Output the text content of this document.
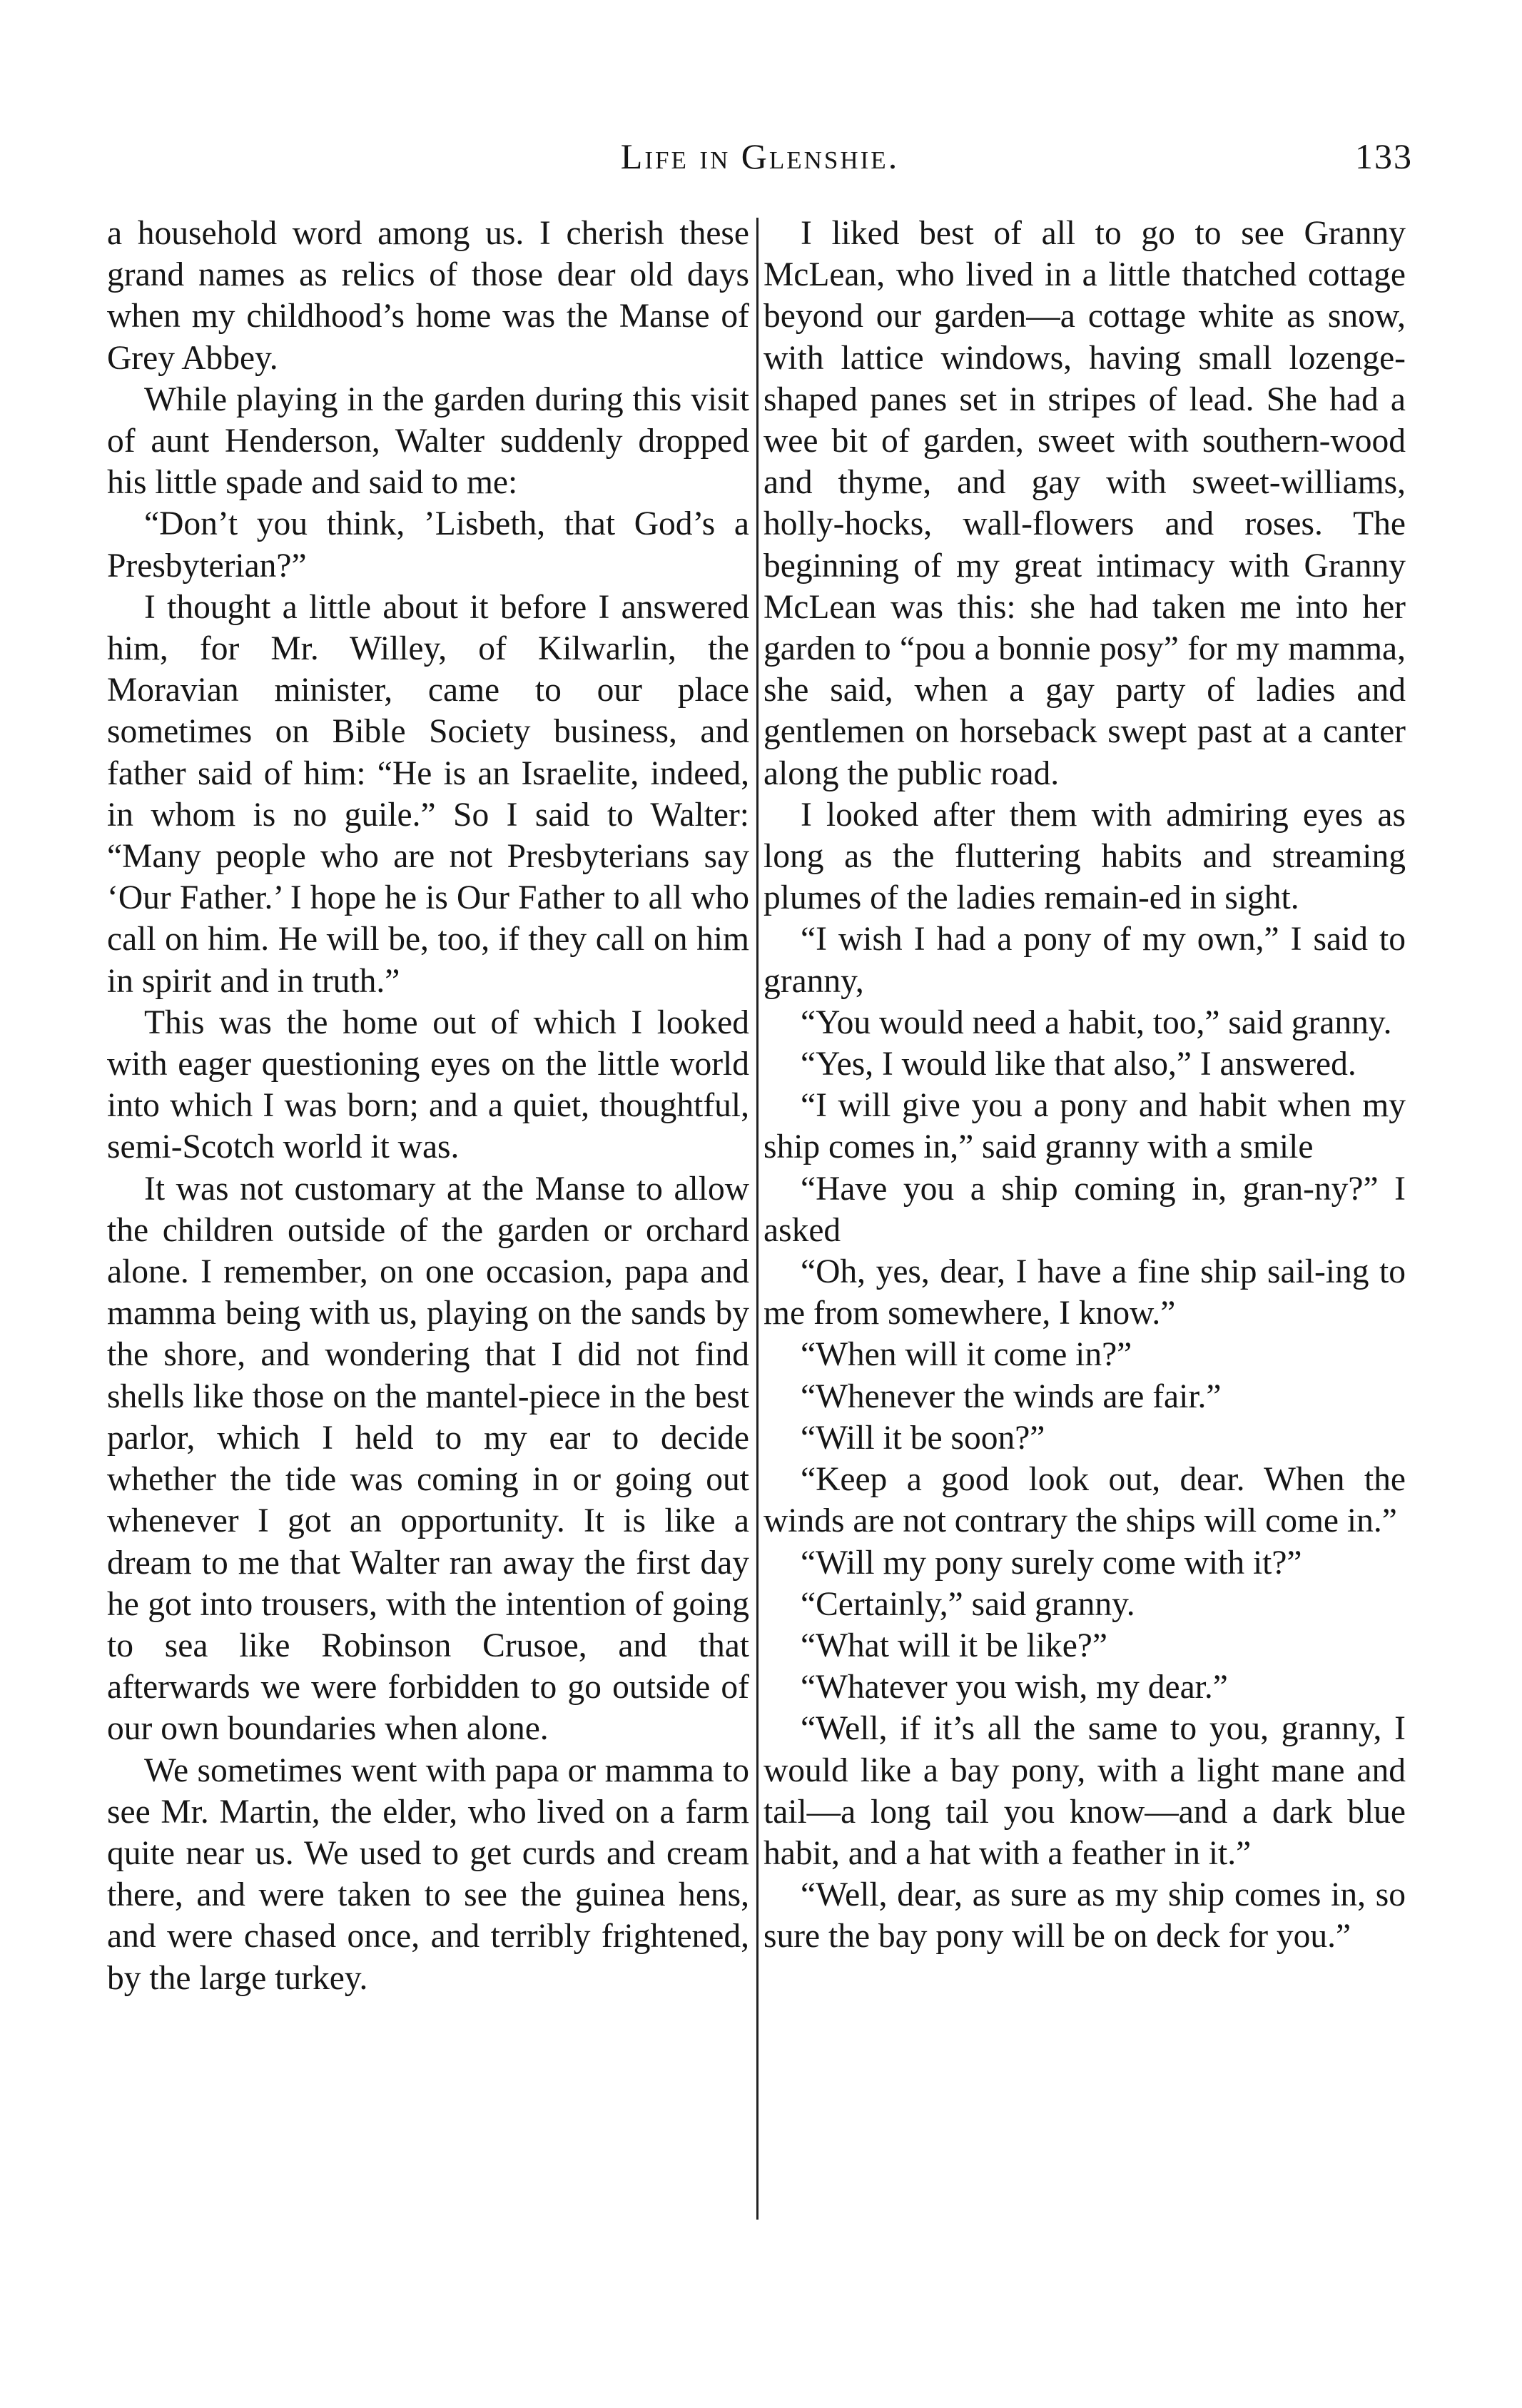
Life in Glenshie.	133

a household word among us. I cherish these grand names as relics of those dear old days when my childhood’s home was the Manse of Grey Abbey.

While playing in the garden during this visit of aunt Henderson, Walter suddenly dropped his little spade and said to me:

“Don’t you think, ’Lisbeth, that God’s a Presbyterian?”

I thought a little about it before I answered him, for Mr. Willey, of Kilwarlin, the Moravian minister, came to our place sometimes on Bible Society business, and father said of him: “He is an Israelite, indeed, in whom is no guile.” So I said to Walter: “Many people who are not Presbyterians say ‘Our Father.’ I hope he is Our Father to all who call on him. He will be, too, if they call on him in spirit and in truth.”

This was the home out of which I looked with eager questioning eyes on the little world into which I was born; and a quiet, thoughtful, semi-Scotch world it was.

It was not customary at the Manse to allow the children outside of the garden or orchard alone. I remember, on one occasion, papa and mamma being with us, playing on the sands by the shore, and wondering that I did not find shells like those on the mantel-piece in the best parlor, which I held to my ear to decide whether the tide was coming in or going out whenever I got an opportunity. It is like a dream to me that Walter ran away the first day he got into trousers, with the intention of going to sea like Robinson Crusoe, and that afterwards we were forbidden to go outside of our own boundaries when alone.

We sometimes went with papa or mamma to see Mr. Martin, the elder, who lived on a farm quite near us. We used to get curds and cream there, and were taken to see the guinea hens, and were chased once, and terribly frightened, by the large turkey.

I liked best of all to go to see Granny McLean, who lived in a little thatched cottage beyond our garden—a cottage white as snow, with lattice windows, having small lozenge-shaped panes set in stripes of lead. She had a wee bit of garden, sweet with southern-wood and thyme, and gay with sweet-williams, holly-hocks, wall-flowers and roses. The beginning of my great intimacy with Granny McLean was this: she had taken me into her garden to “pou a bonnie posy” for my mamma, she said, when a gay party of ladies and gentlemen on horseback swept past at a canter along the public road.

I looked after them with admiring eyes as long as the fluttering habits and streaming plumes of the ladies remain-ed in sight.

“I wish I had a pony of my own,” I said to granny,

“You would need a habit, too,” said granny.

“Yes, I would like that also,” I answered.

“I will give you a pony and habit when my ship comes in,” said granny with a smile

“Have you a ship coming in, gran-ny?” I asked

“Oh, yes, dear, I have a fine ship sail-ing to me from somewhere, I know.”

“When will it come in?”

“Whenever the winds are fair.”

“Will it be soon?”

“Keep a good look out, dear. When the winds are not contrary the ships will come in.”

“Will my pony surely come with it?”

“Certainly,” said granny.

“What will it be like?”

“Whatever you wish, my dear.”

“Well, if it’s all the same to you, granny, I would like a bay pony, with a light mane and tail—a long tail you know—and a dark blue habit, and a hat with a feather in it.”

“Well, dear, as sure as my ship comes in, so sure the bay pony will be on deck for you.”
